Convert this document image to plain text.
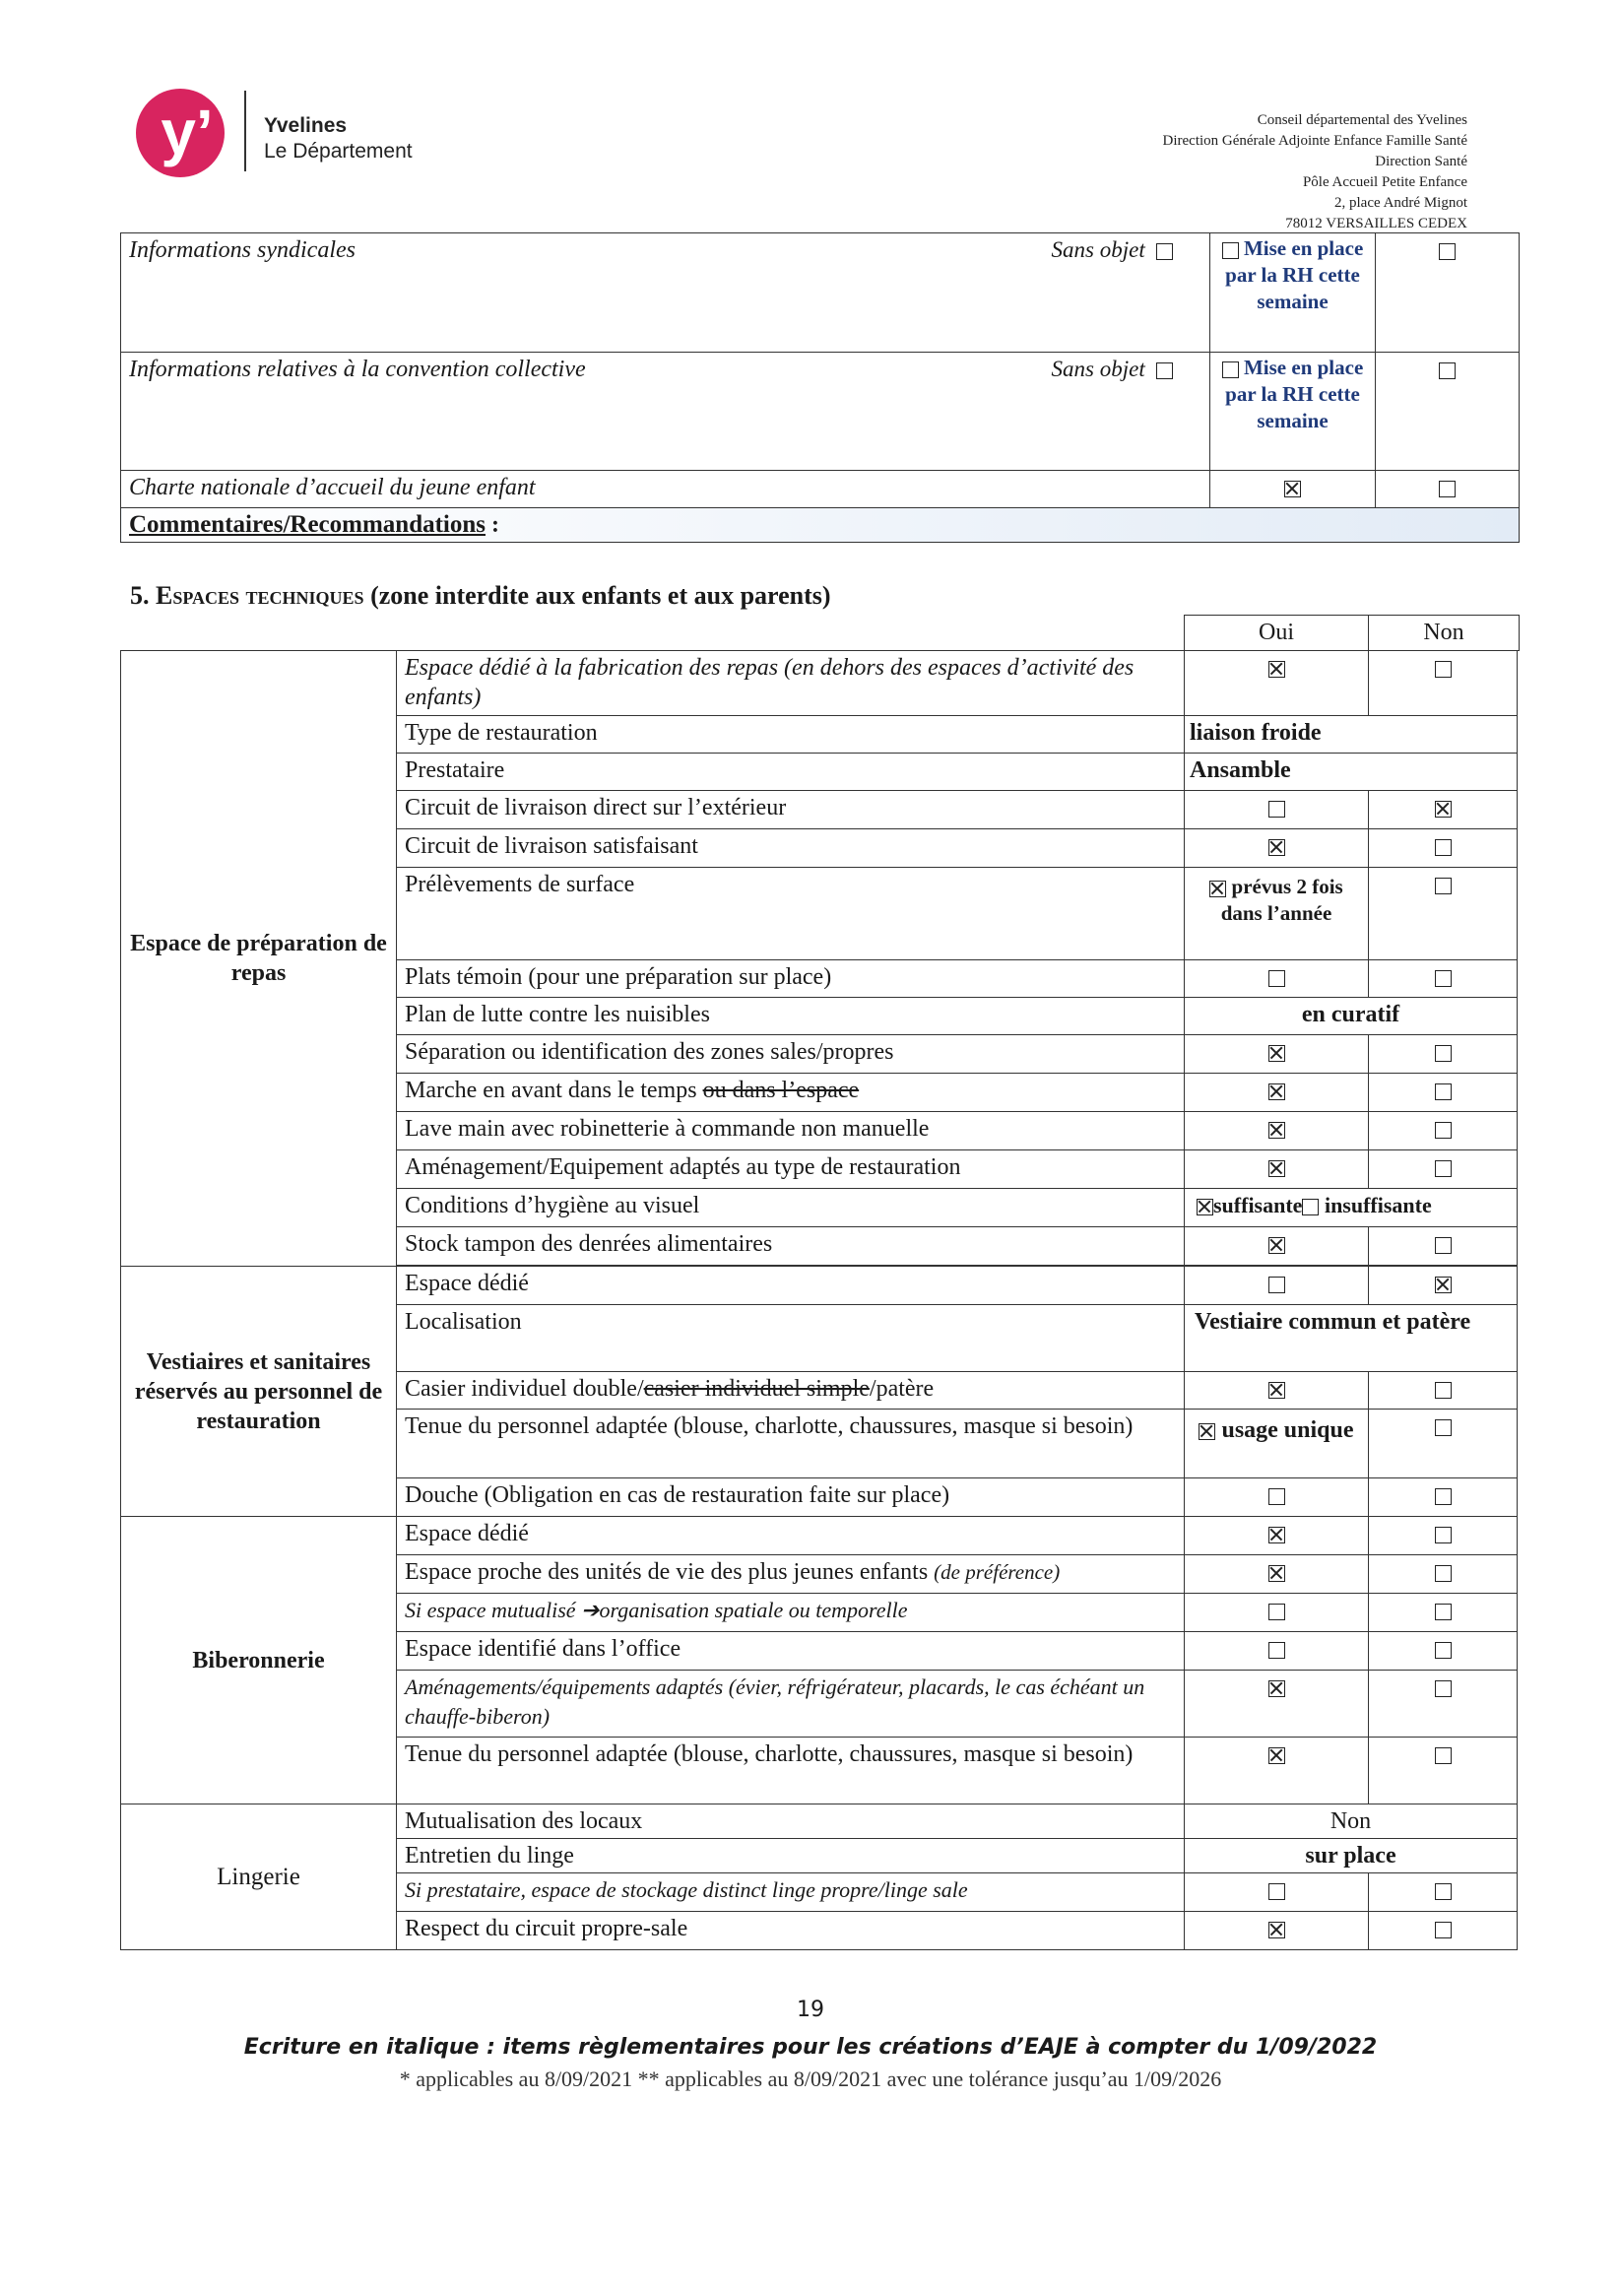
y’	Yvelines
Le Département
Conseil départemental des Yvelines
Direction Générale Adjointe Enfance Famille Santé
Direction Santé
Pôle Accueil Petite Enfance
2, place André Mignot
78012 VERSAILLES CEDEX
Informations syndicales Sans objet	Mise en place par la RH cette semaine	
Informations relatives à la convention collective Sans objet	Mise en place par la RH cette semaine	
Charte nationale d’accueil du jeune enfant		
Commentaires/Recommandations :		
5. Espaces techniques (zone interdite aux enfants et aux parents)
Oui	Non
Espace de préparation de repas	Espace dédié à la fabrication des repas (en dehors des espaces d’activité des enfants)		
	Type de restauration	liaison froide	
	Prestataire	Ansamble	
	Circuit de livraison direct sur l’extérieur		
	Circuit de livraison satisfaisant		
	Prélèvements de surface	prévus 2 fois dans l’année	
	Plats témoin (pour une préparation sur place)		
	Plan de lutte contre les nuisibles	en curatif	
	Séparation ou identification des zones sales/propres		
	Marche en avant dans le temps ou dans l’espace		
	Lave main avec robinetterie à commande non manuelle		
	Aménagement/Equipement adaptés au type de restauration		
	Conditions d’hygiène au visuel	suffisante insuffisante	
	Stock tampon des denrées alimentaires		

Vestiaires et sanitaires réservés au personnel de restauration	Espace dédié		
	Localisation	Vestiaire commun et patère	
	Casier individuel double/casier individuel simple/patère		
	Tenue du personnel adaptée (blouse, charlotte, chaussures, masque si besoin)	usage unique	
	Douche (Obligation en cas de restauration faite sur place)		
Biberonnerie	Espace dédié		
	Espace proche des unités de vie des plus jeunes enfants (de préférence)		
	Si espace mutualisé ➔organisation spatiale ou temporelle		
	Espace identifié dans l’office		
	Aménagements/équipements adaptés (évier, réfrigérateur, placards, le cas échéant un chauffe-biberon)		
	Tenue du personnel adaptée (blouse, charlotte, chaussures, masque si besoin)		
Lingerie	Mutualisation des locaux	Non	
	Entretien du linge	sur place	
	Si prestataire, espace de stockage distinct linge propre/linge sale		
	Respect du circuit propre-sale		
19
Ecriture en italique : items règlementaires pour les créations d’EAJE à compter du 1/09/2022
* applicables au 8/09/2021 ** applicables au 8/09/2021 avec une tolérance jusqu’au 1/09/2026
